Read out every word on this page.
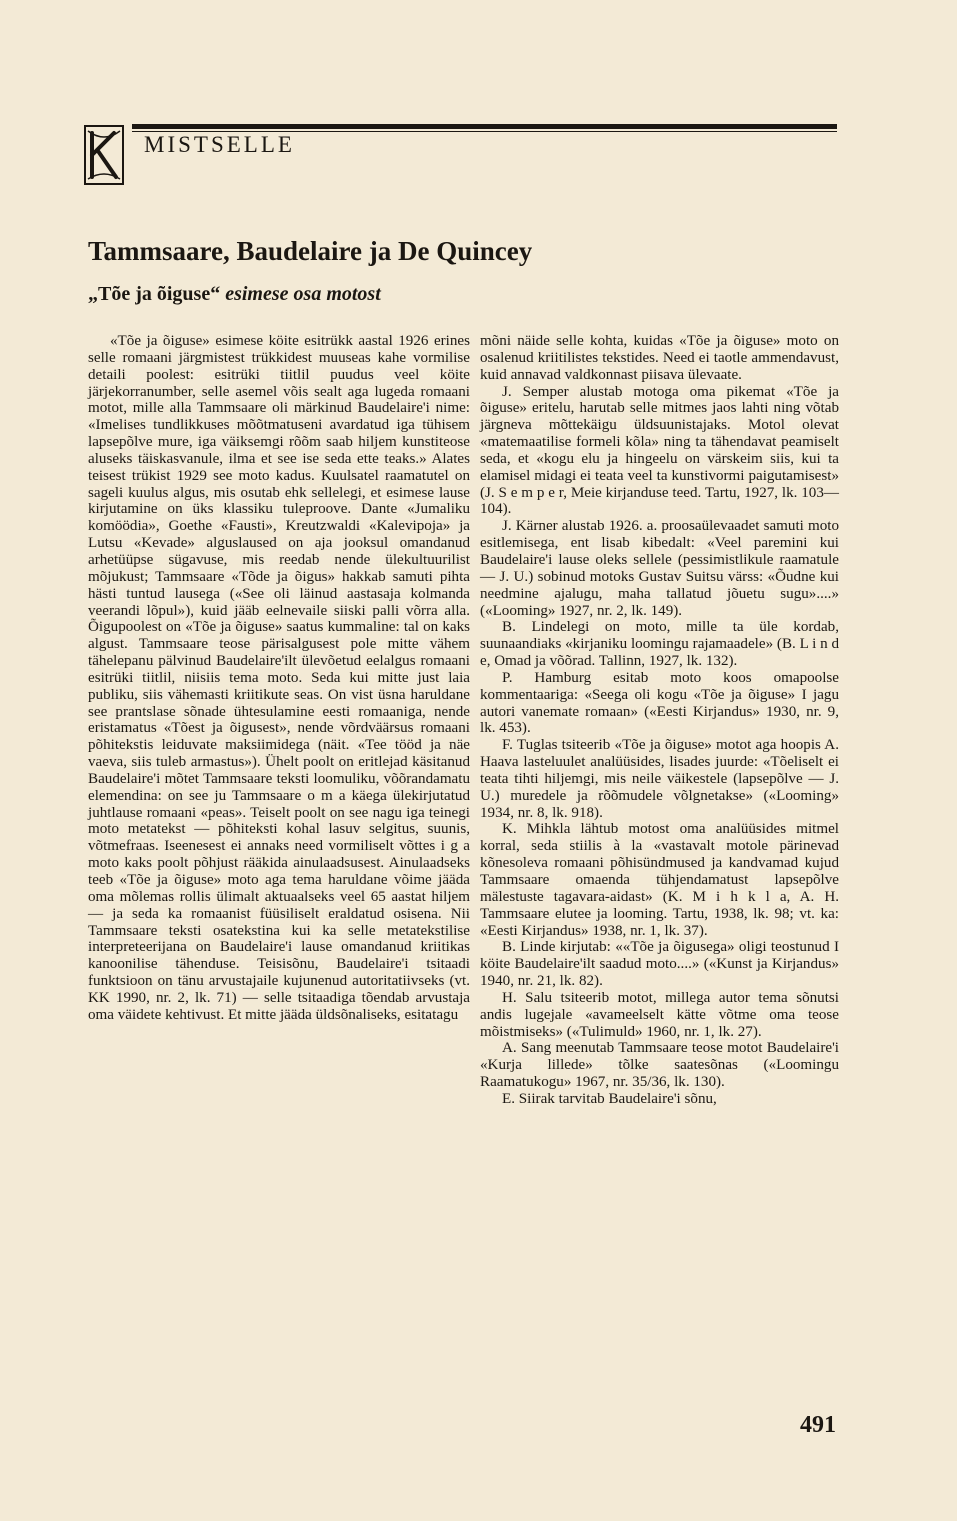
MISTSELLE
Tammsaare, Baudelaire ja De Quincey
„Tõe ja õiguse“ esimese osa motost

«Tõe ja õiguse» esimese köite esitrükk aastal 1926 erines selle romaani järgmistest trükkidest muuseas kahe vormilise detaili poolest: esitrüki tiitlil puudus veel köite järjekorranumber, selle asemel võis sealt aga lugeda romaani motot, mille alla Tammsaare oli märkinud Baudelaire'i nime: «Imelises tundlikkuses mõõtmatuseni avardatud iga tühisem lapsepõlve mure, iga väiksemgi rõõm saab hiljem kunstiteose aluseks täiskasvanule, ilma et see ise seda ette teaks.» Alates teisest trükist 1929 see moto kadus. Kuulsatel raamatutel on sageli kuulus algus, mis osutab ehk sellelegi, et esimese lause kirjutamine on üks klassiku tuleproove. Dante «Jumaliku komöödia», Goethe «Fausti», Kreutzwaldi «Kalevipoja» ja Lutsu «Kevade» alguslaused on aja jooksul omandanud arhetüüpse sügavuse, mis reedab nende ülekultuurilist mõjukust; Tammsaare «Tõde ja õigus» hakkab samuti pihta hästi tuntud lausega («See oli läinud aastasaja kolmanda veerandi lõpul»), kuid jääb eelnevaile siiski palli võrra alla. Õigupoolest on «Tõe ja õiguse» saatus kummaline: tal on kaks algust. Tammsaare teose pärisalgusest pole mitte vähem tähelepanu pälvinud Baudelaire'ilt ülevõetud eelalgus romaani esitrüki tiitlil, niisiis tema moto. Seda kui mitte just laia publiku, siis vähemasti kriitikute seas. On vist üsna haruldane see prantslase sõnade ühtesulamine eesti romaaniga, nende eristamatus «Tõest ja õigusest», nende võrdväärsus romaani põhitekstis leiduvate maksiimidega (näit. «Tee tööd ja näe vaeva, siis tuleb armastus»). Ühelt poolt on eritlejad käsitanud Baudelaire'i mõtet Tammsaare teksti loomuliku, võõrandamatu elemendina: on see ju Tammsaare o m a käega ülekirjutatud juhtlause romaani «peas». Teiselt poolt on see nagu iga teinegi moto metatekst — põhiteksti kohal lasuv selgitus, suunis, võtmefraas. Iseenesest ei annaks need vormiliselt võttes i g a moto kaks poolt põhjust rääkida ainulaadsusest. Ainulaadseks teeb «Tõe ja õiguse» moto aga tema haruldane võime jääda oma mõlemas rollis ülimalt aktuaalseks veel 65 aastat hiljem — ja seda ka romaanist füüsiliselt eraldatud osisena. Nii Tammsaare teksti osatekstina kui ka selle metatekstilise interpreteerijana on Baudelaire'i lause omandanud kriitikas kanoonilise tähenduse. Teisisõnu, Baudelaire'i tsitaadi funktsioon on tänu arvustajaile kujunenud autoritatiivseks (vt. KK 1990, nr. 2, lk. 71) — selle tsitaadiga tõendab arvustaja oma väidete kehtivust. Et mitte jääda üldsõnaliseks, esitatagu

mõni näide selle kohta, kuidas «Tõe ja õiguse» moto on osalenud kriitilistes tekstides. Need ei taotle ammendavust, kuid annavad valdkonnast piisava ülevaate.

J. Semper alustab motoga oma pikemat «Tõe ja õiguse» eritelu, harutab selle mitmes jaos lahti ning võtab järgneva mõttekäigu üldsuunistajaks. Motol olevat «matemaatilise formeli kõla» ning ta tähendavat peamiselt seda, et «kogu elu ja hingeelu on värskeim siis, kui ta elamisel midagi ei teata veel ta kunstivormi paigutamisest» (J. S e m p e r, Meie kirjanduse teed. Tartu, 1927, lk. 103—104).

J. Kärner alustab 1926. a. proosaülevaadet samuti moto esitlemisega, ent lisab kibedalt: «Veel paremini kui Baudelaire'i lause oleks sellele (pessimistlikule raamatule — J. U.) sobinud motoks Gustav Suitsu värss: «Õudne kui needmine ajalugu, maha tallatud jõuetu sugu»....» («Looming» 1927, nr. 2, lk. 149).

B. Lindelegi on moto, mille ta üle kordab, suunaandiaks «kirjaniku loomingu rajamaadele» (B. L i n d e, Omad ja võõrad. Tallinn, 1927, lk. 132).

P. Hamburg esitab moto koos omapoolse kommentaariga: «Seega oli kogu «Tõe ja õiguse» I jagu autori vanemate romaan» («Eesti Kirjandus» 1930, nr. 9, lk. 453).

F. Tuglas tsiteerib «Tõe ja õiguse» motot aga hoopis A. Haava lasteluulet analüüsides, lisades juurde: «Tõeliselt ei teata tihti hiljemgi, mis neile väikestele (lapsepõlve — J. U.) muredele ja rõõmudele võlgnetakse» («Looming» 1934, nr. 8, lk. 918).

K. Mihkla lähtub motost oma analüüsides mitmel korral, seda stiilis à la «vastavalt motole pärinevad kõnesoleva romaani põhisündmused ja kandvamad kujud Tammsaare omaenda tühjendamatust lapsepõlve mälestuste tagavara-aidast» (K. M i h k l a, A. H. Tammsaare elutee ja looming. Tartu, 1938, lk. 98; vt. ka: «Eesti Kirjandus» 1938, nr. 1, lk. 37).

B. Linde kirjutab: ««Tõe ja õigusega» oligi teostunud I köite Baudelaire'ilt saadud moto....» («Kunst ja Kirjandus» 1940, nr. 21, lk. 82).

H. Salu tsiteerib motot, millega autor tema sõnutsi andis lugejale «avameelselt kätte võtme oma teose mõistmiseks» («Tulimuld» 1960, nr. 1, lk. 27).

A. Sang meenutab Tammsaare teose motot Baudelaire'i «Kurja lillede» tõlke saatesõnas («Loomingu Raamatukogu» 1967, nr. 35/36, lk. 130).

E. Siirak tarvitab Baudelaire'i sõnu,

491
